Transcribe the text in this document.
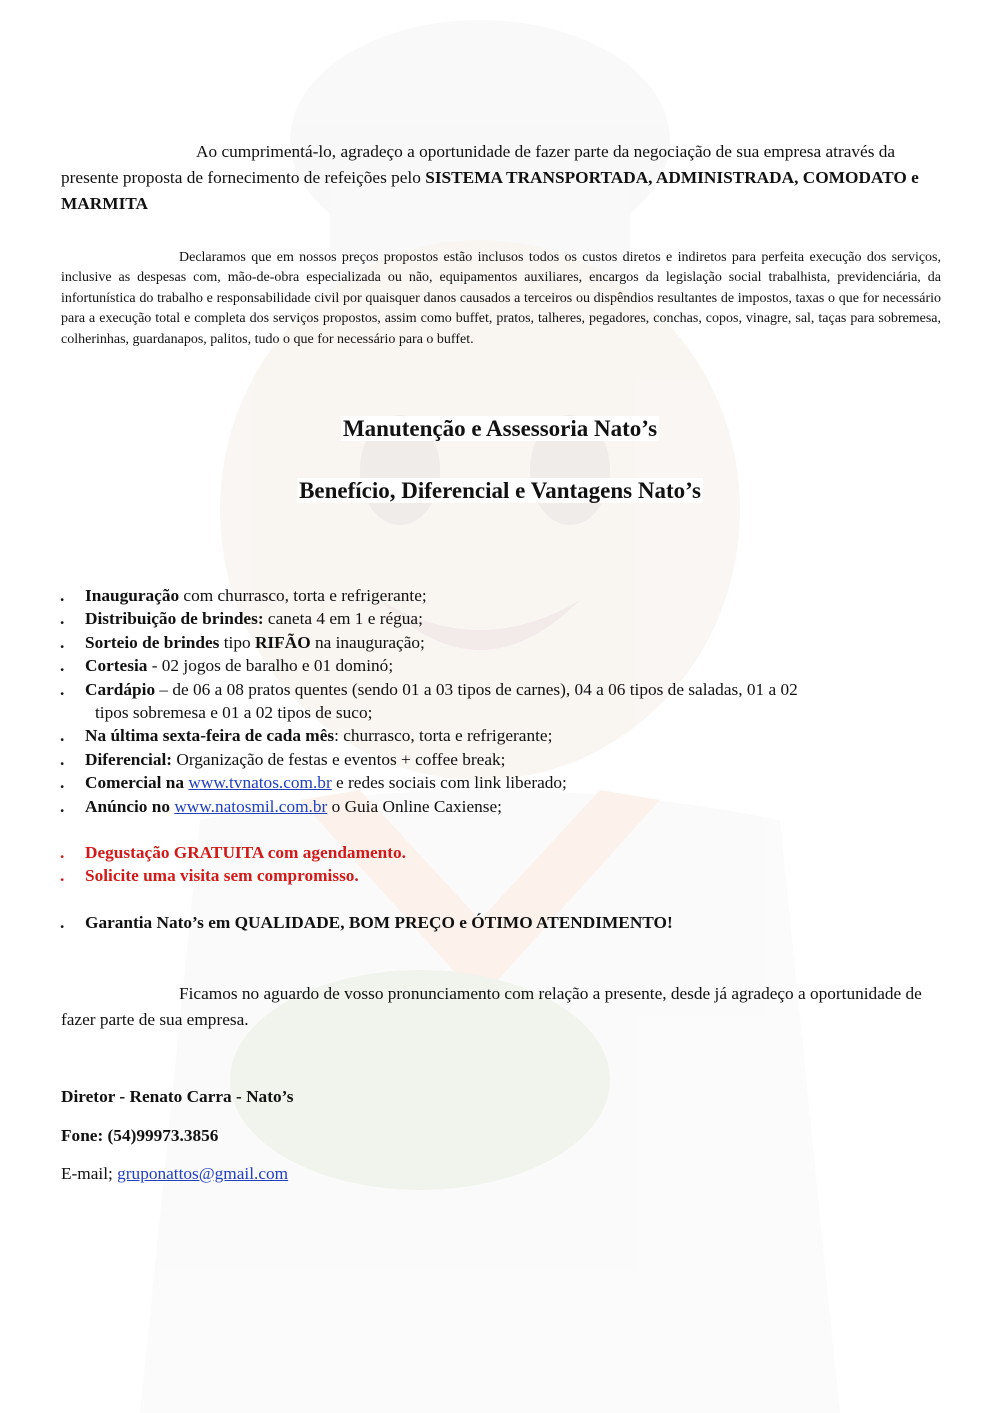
Ao cumprimentá-lo, agradeço a oportunidade de fazer parte da negociação de sua empresa através da presente proposta de fornecimento de refeições pelo SISTEMA TRANSPORTADA, ADMINISTRADA, COMODATO e MARMITA

Declaramos que em nossos preços propostos estão inclusos todos os custos diretos e indiretos para perfeita execução dos serviços, inclusive as despesas com, mão-de-obra especializada ou não, equipamentos auxiliares, encargos da legislação social trabalhista, previdenciária, da infortunística do trabalho e responsabilidade civil por quaisquer danos causados a terceiros ou dispêndios resultantes de impostos, taxas o que for necessário para a execução total e completa dos serviços propostos, assim como buffet, pratos, talheres, pegadores, conchas, copos, vinagre, sal, taças para sobremesa, colherinhas, guardanapos, palitos, tudo o que for necessário para o buffet.

Manutenção e Assessoria Nato’s
Benefício, Diferencial e Vantagens Nato’s
. Inauguração com churrasco, torta e refrigerante;
. Distribuição de brindes: caneta 4 em 1 e régua;
. Sorteio de brindes tipo RIFÃO na inauguração;
. Cortesia - 02 jogos de baralho e 01 dominó;
. Cardápio – de 06 a 08 pratos quentes (sendo 01 a 03 tipos de carnes), 04 a 06 tipos de saladas, 01 a 02
tipos sobremesa e 01 a 02 tipos de suco;
. Na última sexta-feira de cada mês: churrasco, torta e refrigerante;
. Diferencial: Organização de festas e eventos + coffee break;
. Comercial na www.tvnatos.com.br e redes sociais com link liberado;
. Anúncio no www.natosmil.com.br o Guia Online Caxiense;
. Degustação GRATUITA com agendamento.
. Solicite uma visita sem compromisso.
. Garantia Nato’s em QUALIDADE, BOM PREÇO e ÓTIMO ATENDIMENTO!

Ficamos no aguardo de vosso pronunciamento com relação a presente, desde já agradeço a oportunidade de fazer parte de sua empresa.

Diretor - Renato Carra - Nato’s
Fone: (54)99973.3856
E-mail; gruponattos@gmail.com
